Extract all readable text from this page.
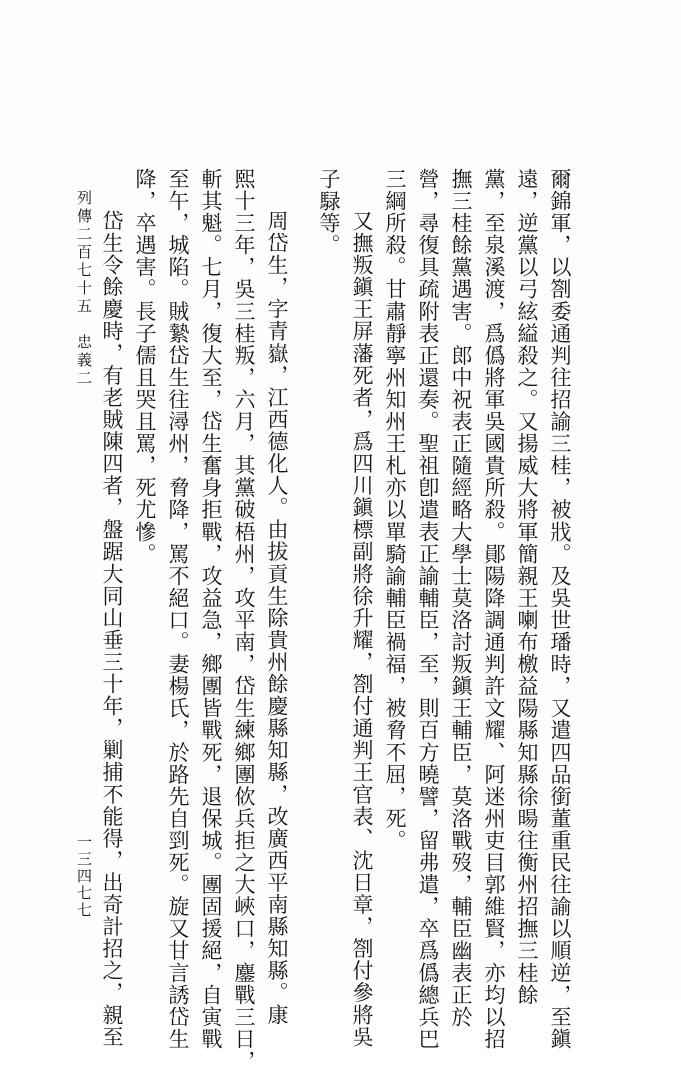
爾錦軍，以劄委通判往招諭三桂，被戕。及吳世璠時，又遣四品銜董重民往諭以順逆，至鎭
遠，逆黨以弓絃縊殺之。又揚威大將軍簡親王喇布檄益陽縣知縣徐暘往衡州招撫三桂餘
黨，至泉溪渡，爲僞將軍吳國貴所殺。鄖陽降調通判許文耀、阿迷州吏目郭維賢，亦均以招
撫三桂餘黨遇害。郎中祝表正隨經略大學士莫洛討叛鎭王輔臣，莫洛戰歿，輔臣幽表正於
營，尋復具疏附表正還奏。聖祖卽遣表正諭輔臣，至，則百方曉譬，留弗遣，卒爲僞總兵巴
三綱所殺。甘肅靜寧州知州王札亦以單騎諭輔臣禍福，被脅不屈，死。
又撫叛鎭王屏藩死者，爲四川鎭標副將徐升耀，劄付通判王官表、沈日章，劄付參將吳
子騄等。
周岱生，字青嶽，江西德化人。由拔貢生除貴州餘慶縣知縣，改廣西平南縣知縣。康
熙十三年，吳三桂叛，六月，其黨破梧州，攻平南，岱生練鄉團佽兵拒之大峽口，鏖戰三日，
斬其魁。七月，復大至，岱生奮身拒戰，攻益急，鄉團皆戰死，退保城。團固援絕，自寅戰
至午，城陷。賊縶岱生往潯州，脅降，罵不絕口。妻楊氏，於路先自剄死。旋又甘言誘岱生
降，卒遇害。長子儒且哭且罵，死尤慘。
岱生令餘慶時，有老賊陳四者，盤踞大同山垂三十年，剿捕不能得，出奇計招之，親至
列傳二百七十五　忠義二
一三四七七
